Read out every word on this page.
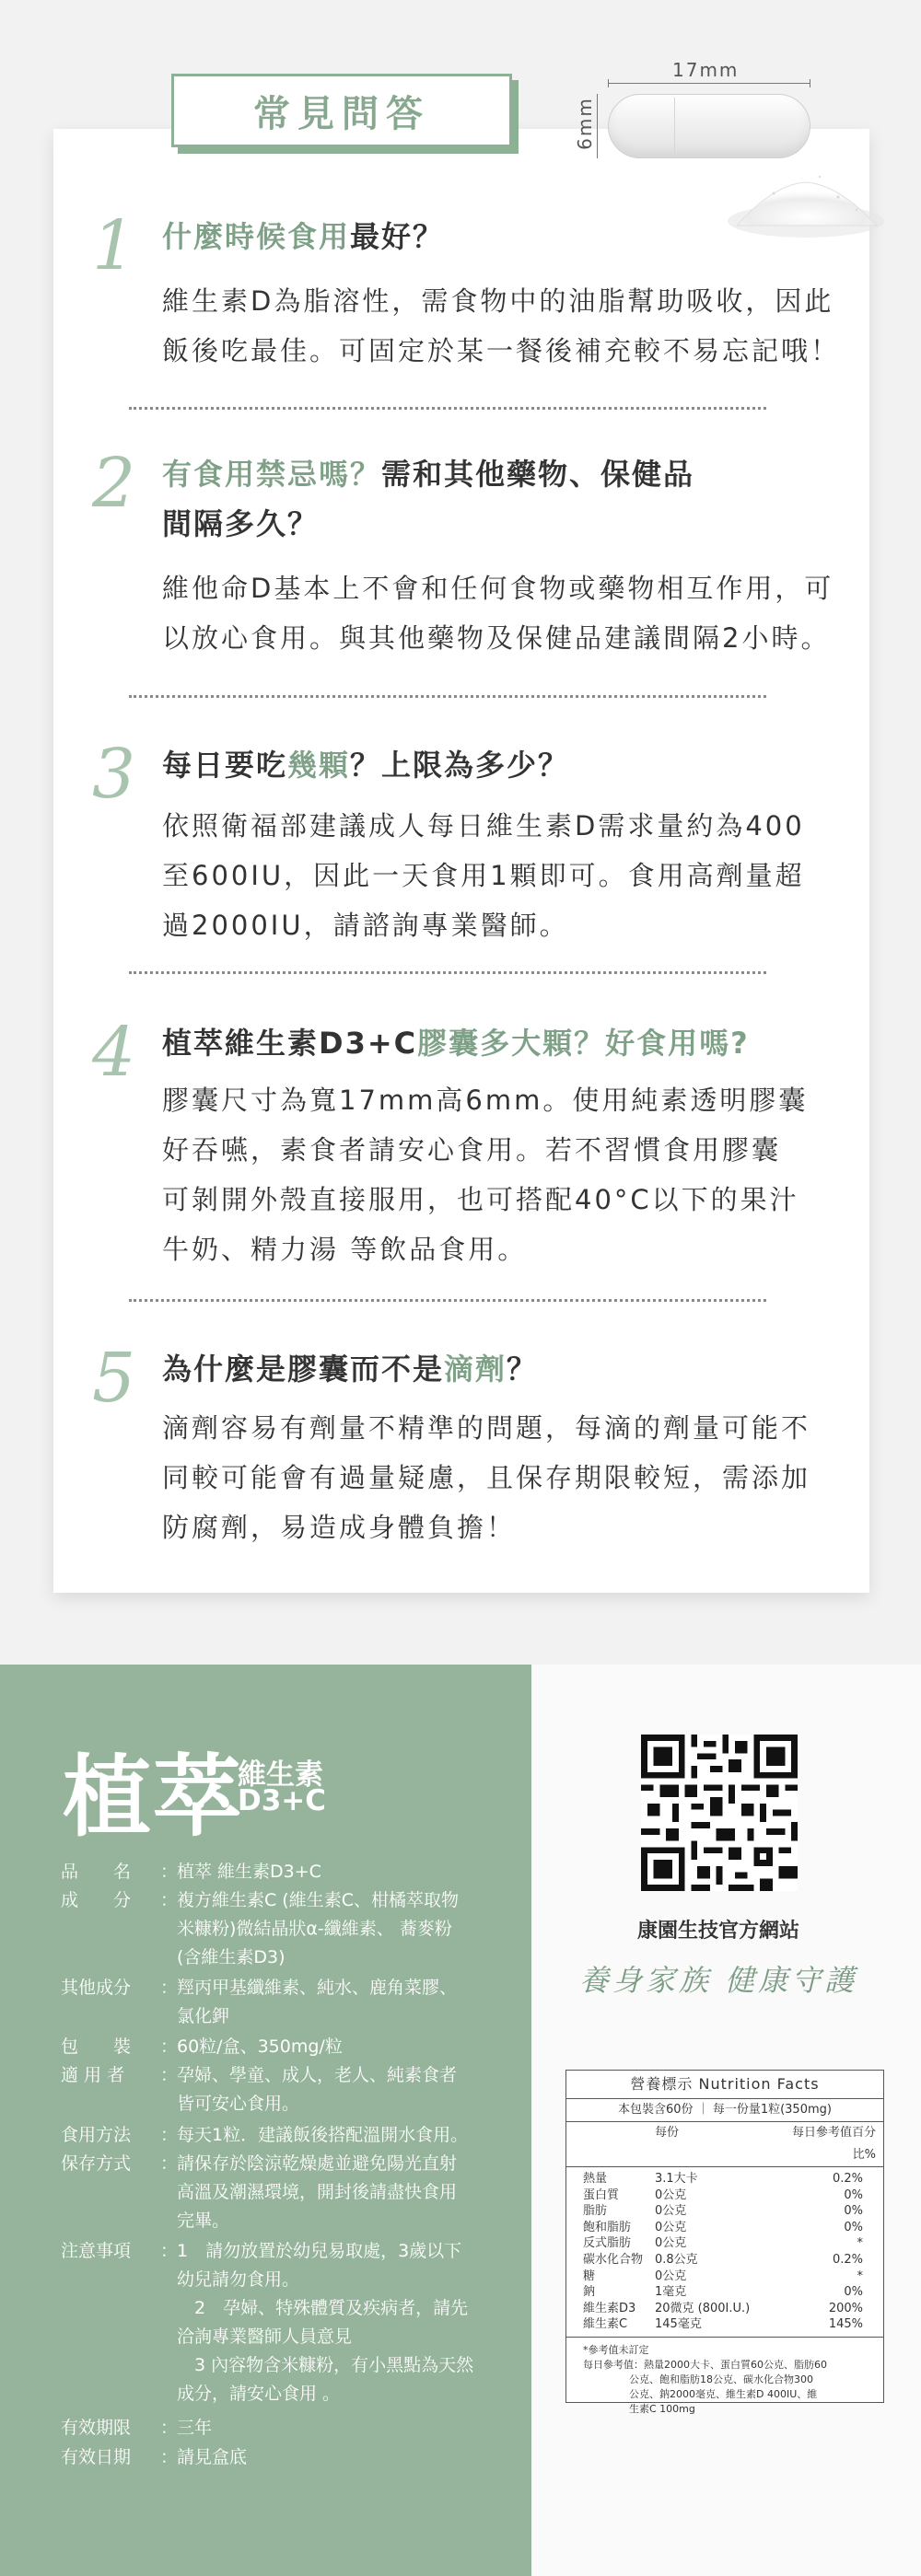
常見問答
17mm
6mm
1 什麼時候食用最好？
維生素D為脂溶性，需食物中的油脂幫助吸收，因此
飯後吃最佳。可固定於某一餐後補充較不易忘記哦！
2 有食用禁忌嗎？需和其他藥物、保健品
間隔多久？
維他命D基本上不會和任何食物或藥物相互作用，可
以放心食用。與其他藥物及保健品建議間隔2小時。
3 每日要吃幾顆？上限為多少？
依照衛福部建議成人每日維生素D需求量約為400
至600IU，因此一天食用1顆即可。食用高劑量超
過2000IU，請諮詢專業醫師。
4 植萃維生素D3+C膠囊多大顆？好食用嗎?
膠囊尺寸為寬17mm高6mm。使用純素透明膠囊
好吞嚥，素食者請安心食用。若不習慣食用膠囊
可剝開外殼直接服用，也可搭配40°C以下的果汁
牛奶、精力湯 等飲品食用。
5 為什麼是膠囊而不是滴劑？
滴劑容易有劑量不精準的問題，每滴的劑量可能不
同較可能會有過量疑慮，且保存期限較短，需添加
防腐劑，易造成身體負擔！
植萃
維生素
D3+C
品　　名	：
植萃 維生素D3+C
成　　分	：
複方維生素C (維生素C、柑橘萃取物
米糠粉)微結晶狀α-纖維素、 蕎麥粉
(含維生素D3)
其他成分	：
羥丙甲基纖維素、純水、鹿角菜膠、
氯化鉀
包　　裝	：
60粒/盒、350mg/粒
適 用 者	：
孕婦、學童、成人，老人、純素食者
皆可安心食用。
食用方法	：
每天1粒．建議飯後搭配溫開水食用。
保存方式	：
請保存於陰涼乾燥處並避免陽光直射
高溫及潮濕環境，開封後請盡快食用
完畢。
注意事項	：
1　請勿放置於幼兒易取處，3歲以下
幼兒請勿食用。
　2　孕婦、特殊體質及疾病者，請先
洽詢專業醫師人員意見
　3 內容物含米糠粉，有小黑點為天然
成分，請安心食用 。
有效期限	：
三年
有效日期	：
請見盒底
康園生技官方網站
養身家族 健康守護
營養標示 Nutrition Facts
本包裝含60份 ｜ 每一份量1粒(350mg)
每份	每日參考值百分比%
熱量	3.1大卡	0.2%
蛋白質	0公克	0%
脂肪	0公克	0%
飽和脂肪	0公克	0%
反式脂肪	0公克	*
碳水化合物 0.8公克	0.2%
糖	0公克	*
鈉	1毫克	0%
維生素D3	20微克 (800I.U.)	200%
維生素C	145毫克	145%
*參考值未訂定
每日參考值：熱量2000大卡、蛋白質60公克、脂肪60
公克、飽和脂肪18公克、碳水化合物300
公克、鈉2000毫克、維生素D 400IU、維
生素C 100mg
